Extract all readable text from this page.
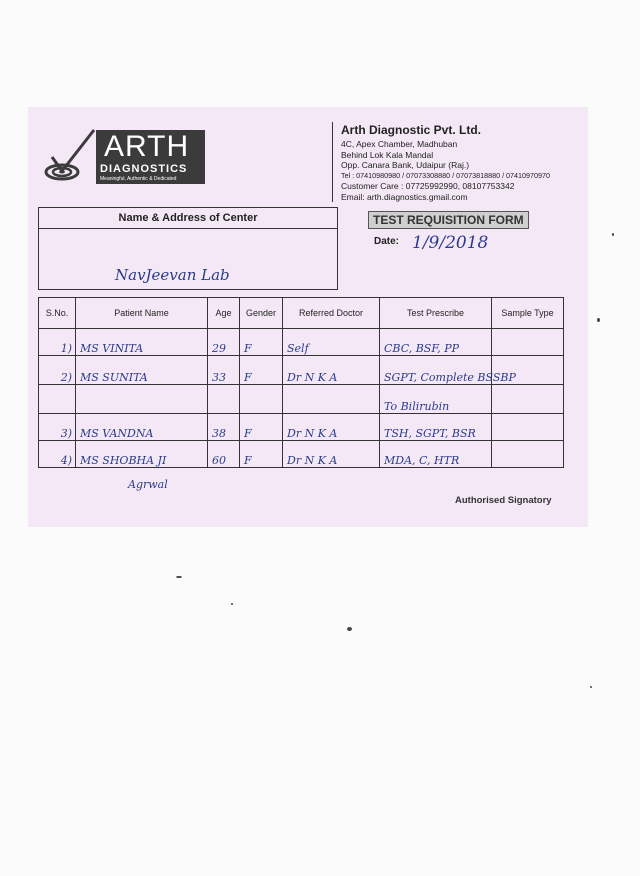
ARTH
DIAGNOSTICS
Meaningful, Authentic & Dedicated
Arth Diagnostic Pvt. Ltd.
4C, Apex Chamber, Madhuban
Behind Lok Kala Mandal
Opp. Canara Bank, Udaipur (Raj.)
Tel : 07410980980 / 07073308880 / 07073818880 / 07410970970
Customer Care : 07725992990, 08107753342
Email: arth.diagnostics.gmail.com
Name & Address of Center
NavJeevan Lab
TEST REQUISITION FORM
Date: 1/9/2018
S.No.	Patient Name	Age	Gender	Referred Doctor	Test Prescribe	Sample Type
1)	MS VINITA	29	F	Self	CBC, BSF, PP	
2)	MS SUNITA	33	F	Dr N K A	SGPT, Complete BSSBP	
					To Bilirubin	
3)	MS VANDNA	38	F	Dr N K A	TSH, SGPT, BSR	
4)	MS SHOBHA JI	60	F	Dr N K A	MDA, C, HTR	
Agrwal
Authorised Signatory
